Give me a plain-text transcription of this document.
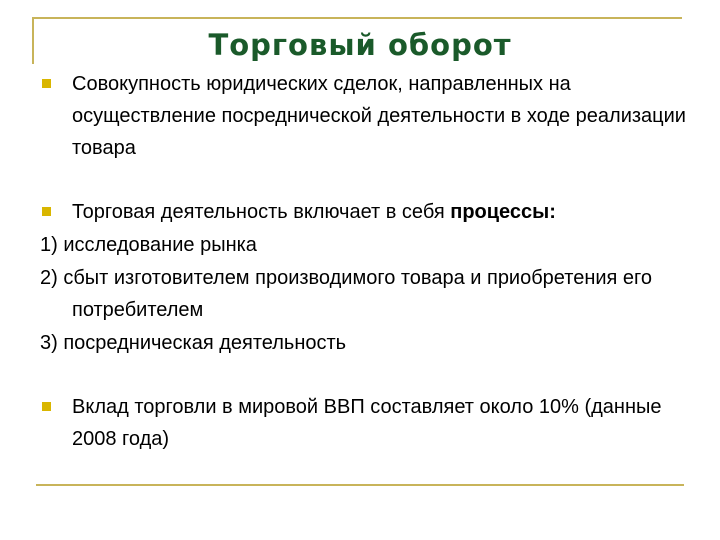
Торговый оборот
Совокупность юридических сделок, направленных на осуществление посреднической деятельности в ходе реализации товара
Торговая деятельность включает в себя процессы:
1) исследование рынка
2) сбыт изготовителем производимого товара и приобретения его потребителем
3) посредническая деятельность
Вклад торговли в мировой ВВП составляет около 10% (данные 2008 года)
